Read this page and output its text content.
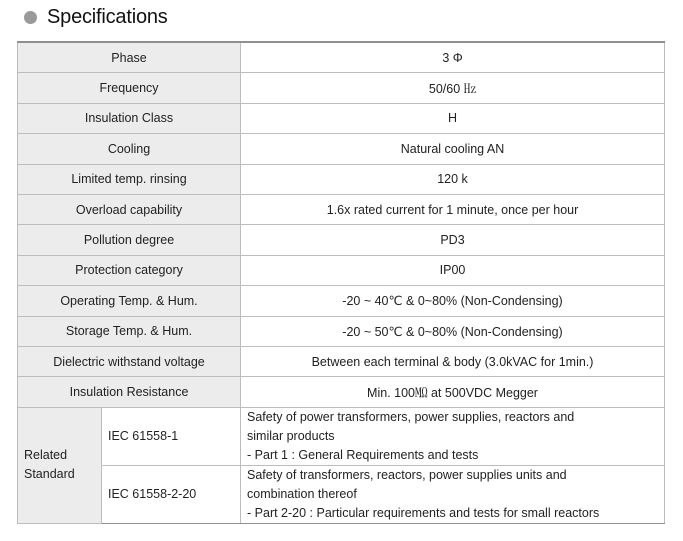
Specifications
Phase		3 Φ
Frequency		50/60 ㎐
Insulation Class		H
Cooling		Natural cooling AN
Limited temp. rinsing		120 k
Overload capability		1.6x rated current for 1 minute, once per hour
Pollution degree		PD3
Protection category		IP00
Operating Temp. & Hum.		-20 ~ 40℃ & 0~80% (Non-Condensing)
Storage Temp. & Hum.		-20 ~ 50℃ & 0~80% (Non-Condensing)
Dielectric withstand voltage		Between each terminal & body (3.0kVAC for 1min.)
Insulation Resistance		Min. 100㏁ at 500VDC Megger

Related
Standard	IEC 61558-1	Safety of power transformers, power supplies, reactors and
similar products
- Part 1 : General Requirements and tests

	IEC 61558-2-20	Safety of transformers, reactors, power supplies units and
combination thereof
- Part 2-20 : Particular requirements and tests for small reactors
